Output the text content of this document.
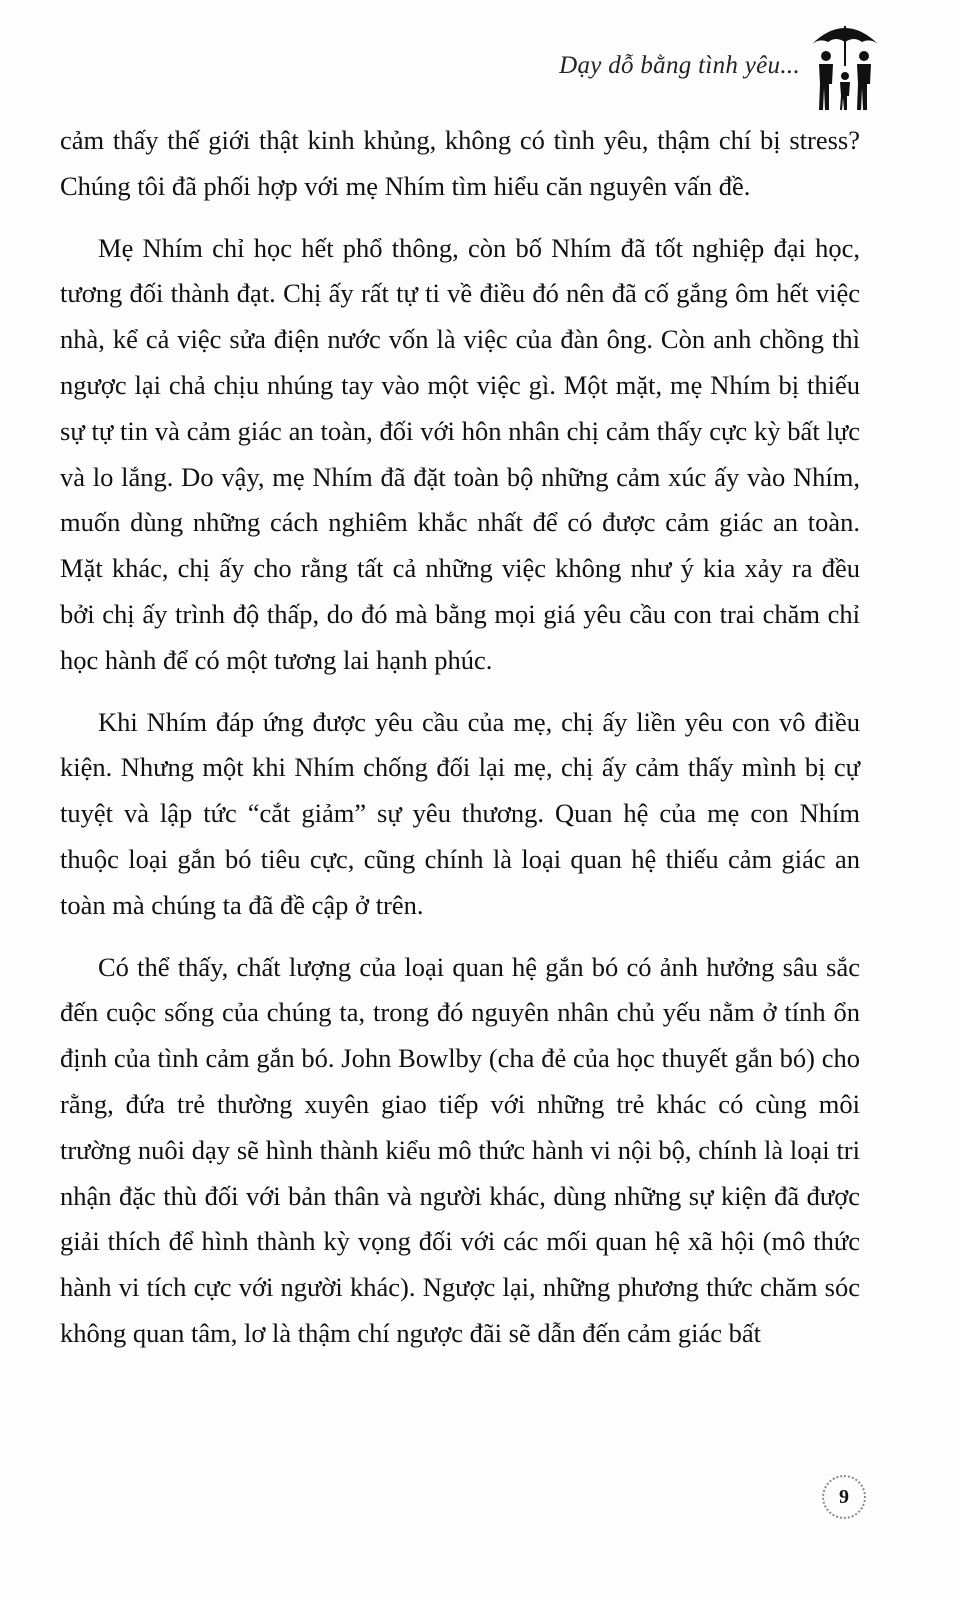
Dạy dỗ bằng tình yêu...

cảm thấy thế giới thật kinh khủng, không có tình yêu, thậm chí bị stress? Chúng tôi đã phối hợp với mẹ Nhím tìm hiểu căn nguyên vấn đề.

Mẹ Nhím chỉ học hết phổ thông, còn bố Nhím đã tốt nghiệp đại học, tương đối thành đạt. Chị ấy rất tự ti về điều đó nên đã cố gắng ôm hết việc nhà, kể cả việc sửa điện nước vốn là việc của đàn ông. Còn anh chồng thì ngược lại chả chịu nhúng tay vào một việc gì. Một mặt, mẹ Nhím bị thiếu sự tự tin và cảm giác an toàn, đối với hôn nhân chị cảm thấy cực kỳ bất lực và lo lắng. Do vậy, mẹ Nhím đã đặt toàn bộ những cảm xúc ấy vào Nhím, muốn dùng những cách nghiêm khắc nhất để có được cảm giác an toàn. Mặt khác, chị ấy cho rằng tất cả những việc không như ý kia xảy ra đều bởi chị ấy trình độ thấp, do đó mà bằng mọi giá yêu cầu con trai chăm chỉ học hành để có một tương lai hạnh phúc.

Khi Nhím đáp ứng được yêu cầu của mẹ, chị ấy liền yêu con vô điều kiện. Nhưng một khi Nhím chống đối lại mẹ, chị ấy cảm thấy mình bị cự tuyệt và lập tức “cắt giảm” sự yêu thương. Quan hệ của mẹ con Nhím thuộc loại gắn bó tiêu cực, cũng chính là loại quan hệ thiếu cảm giác an toàn mà chúng ta đã đề cập ở trên.

Có thể thấy, chất lượng của loại quan hệ gắn bó có ảnh hưởng sâu sắc đến cuộc sống của chúng ta, trong đó nguyên nhân chủ yếu nằm ở tính ổn định của tình cảm gắn bó. John Bowlby (cha đẻ của học thuyết gắn bó) cho rằng, đứa trẻ thường xuyên giao tiếp với những trẻ khác có cùng môi trường nuôi dạy sẽ hình thành kiểu mô thức hành vi nội bộ, chính là loại tri nhận đặc thù đối với bản thân và người khác, dùng những sự kiện đã được giải thích để hình thành kỳ vọng đối với các mối quan hệ xã hội (mô thức hành vi tích cực với người khác). Ngược lại, những phương thức chăm sóc không quan tâm, lơ là thậm chí ngược đãi sẽ dẫn đến cảm giác bất

9
